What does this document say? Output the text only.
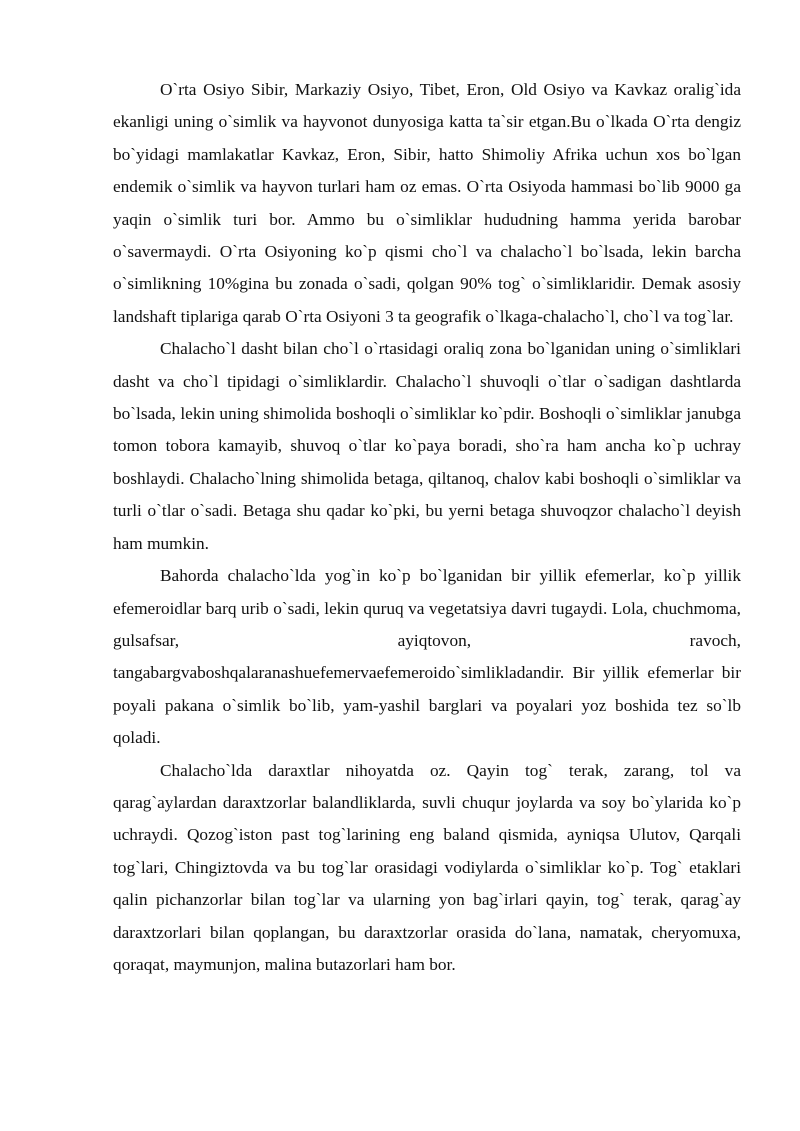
O`rta Osiyo Sibir, Markaziy Osiyo, Tibet, Eron, Old Osiyo va Kavkaz oralig`ida ekanligi uning o`simlik va hayvonot dunyosiga katta ta`sir etgan.Bu o`lkada O`rta dengiz bo`yidagi mamlakatlar Kavkaz, Eron, Sibir, hatto Shimoliy Afrika uchun xos bo`lgan endemik o`simlik va hayvon turlari ham oz emas. O`rta Osiyoda hammasi bo`lib 9000 ga yaqin o`simlik turi bor. Ammo bu o`simliklar hududning hamma yerida barobar o`savermaydi. O`rta Osiyoning ko`p qismi cho`l va chalacho`l bo`lsada, lekin barcha o`simlikning 10%gina bu zonada o`sadi, qolgan 90% tog` o`simliklaridir. Demak asosiy landshaft tiplariga qarab O`rta Osiyoni 3 ta geografik o`lkaga-chalacho`l, cho`l va tog`lar.

Chalacho`l dasht bilan cho`l o`rtasidagi oraliq zona bo`lganidan uning o`simliklari dasht va cho`l tipidagi o`simliklardir. Chalacho`l shuvoqli o`tlar o`sadigan dashtlarda bo`lsada, lekin uning shimolida boshoqli o`simliklar ko`pdir. Boshoqli o`simliklar janubga tomon tobora kamayib, shuvoq o`tlar ko`paya boradi, sho`ra ham ancha ko`p uchray boshlaydi. Chalacho`lning shimolida betaga, qiltanoq, chalov kabi boshoqli o`simliklar va turli o`tlar o`sadi. Betaga shu qadar ko`pki, bu yerni betaga shuvoqzor chalacho`l deyish ham mumkin.

Bahorda chalacho`lda yog`in ko`p bo`lganidan bir yillik efemerlar, ko`p yillik efemeroidlar barq urib o`sadi, lekin quruq va vegetatsiya davri tugaydi. Lola, chuchmoma, gulsafsar, ayiqtovon, ravoch, tangabargvaboshqalaranashuefemervaefemeroido`simlikladandir. Bir yillik efemerlar bir poyali pakana o`simlik bo`lib, yam-yashil barglari va poyalari yoz boshida tez so`lb qoladi.

Chalacho`lda daraxtlar nihoyatda oz. Qayin tog` terak, zarang, tol va qarag`aylardan daraxtzorlar balandliklarda, suvli chuqur joylarda va soy bo`ylarida ko`p uchraydi. Qozog`iston past tog`larining eng baland qismida, ayniqsa Ulutov, Qarqali tog`lari, Chingiztovda va bu tog`lar orasidagi vodiylarda o`simliklar ko`p. Tog` etaklari qalin pichanzorlar bilan tog`lar va ularning yon bag`irlari qayin, tog` terak, qarag`ay daraxtzorlari bilan qoplangan, bu daraxtzorlar orasida do`lana, namatak, cheryomuxa, qoraqat, maymunjon, malina butazorlari ham bor.
